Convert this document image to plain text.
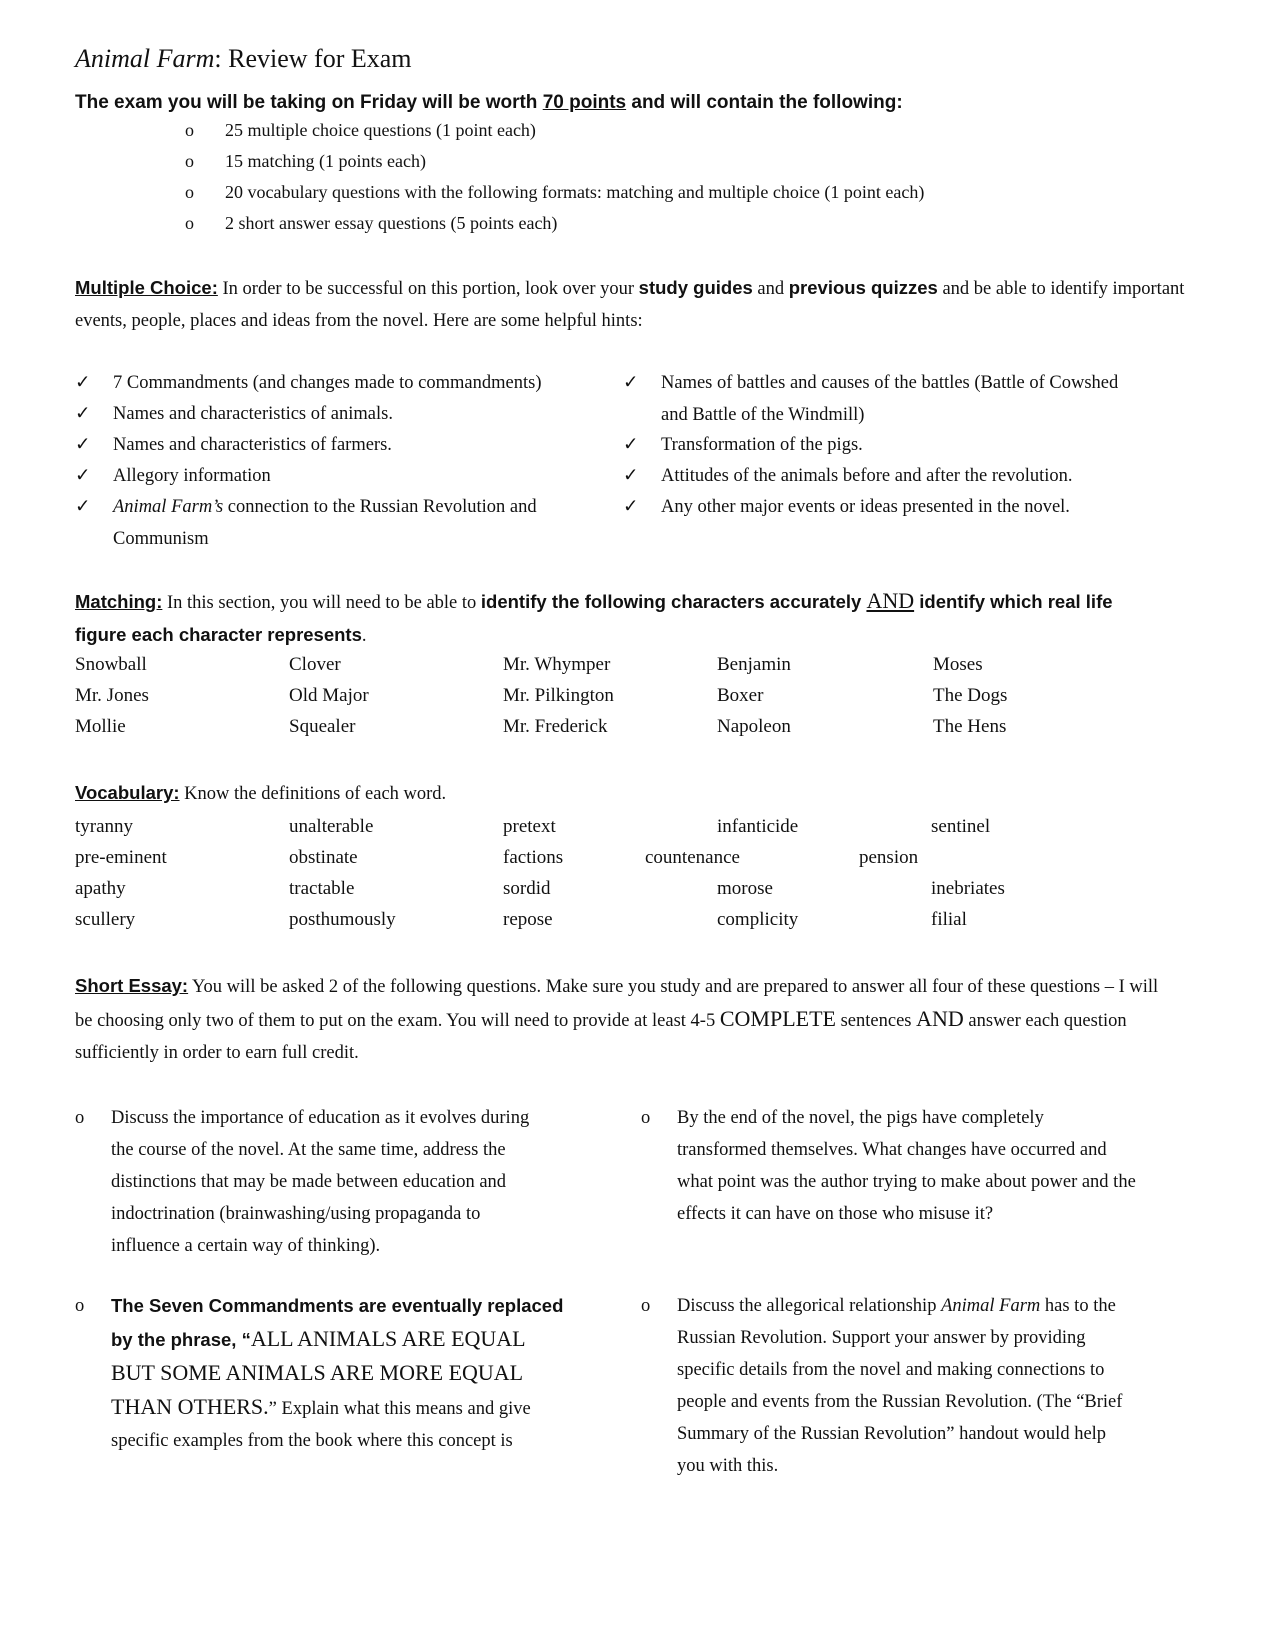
Animal Farm: Review for Exam
The exam you will be taking on Friday will be worth 70 points and will contain the following:
o 25 multiple choice questions (1 point each)
o 15 matching (1 points each)
o 20 vocabulary questions with the following formats: matching and multiple choice (1 point each)
o 2 short answer essay questions (5 points each)
Multiple Choice: In order to be successful on this portion, look over your study guides and previous quizzes and be able to identify important events, people, places and ideas from the novel. Here are some helpful hints:
✓ 7 Commandments (and changes made to commandments)
✓ Names and characteristics of animals.
✓ Names and characteristics of farmers.
✓ Allegory information
✓ Animal Farm’s connection to the Russian Revolution and Communism
✓ Names of battles and causes of the battles (Battle of Cowshed and Battle of the Windmill)
✓ Transformation of the pigs.
✓ Attitudes of the animals before and after the revolution.
✓ Any other major events or ideas presented in the novel.
Matching: In this section, you will need to be able to identify the following characters accurately AND identify which real life figure each character represents.
Snowball	Clover	Mr. Whymper	Benjamin	Moses
Mr. Jones	Old Major	Mr. Pilkington	Boxer	The Dogs
Mollie	Squealer	Mr. Frederick	Napoleon	The Hens
Vocabulary: Know the definitions of each word.
tyranny	unalterable	pretext	infanticide	sentinel
pre-eminent	obstinate	factions	countenance	pension
apathy	tractable	sordid	morose	inebriates
scullery	posthumously	repose	complicity	filial
Short Essay: You will be asked 2 of the following questions. Make sure you study and are prepared to answer all four of these questions – I will be choosing only two of them to put on the exam. You will need to provide at least 4-5 COMPLETE sentences AND answer each question sufficiently in order to earn full credit.
o Discuss the importance of education as it evolves during the course of the novel. At the same time, address the distinctions that may be made between education and indoctrination (brainwashing/using propaganda to influence a certain way of thinking).
o By the end of the novel, the pigs have completely transformed themselves. What changes have occurred and what point was the author trying to make about power and the effects it can have on those who misuse it?
o The Seven Commandments are eventually replaced by the phrase, “ALL ANIMALS ARE EQUAL BUT SOME ANIMALS ARE MORE EQUAL THAN OTHERS.” Explain what this means and give specific examples from the book where this concept is
o Discuss the allegorical relationship Animal Farm has to the Russian Revolution. Support your answer by providing specific details from the novel and making connections to people and events from the Russian Revolution. (The “Brief Summary of the Russian Revolution” handout would help you with this.
